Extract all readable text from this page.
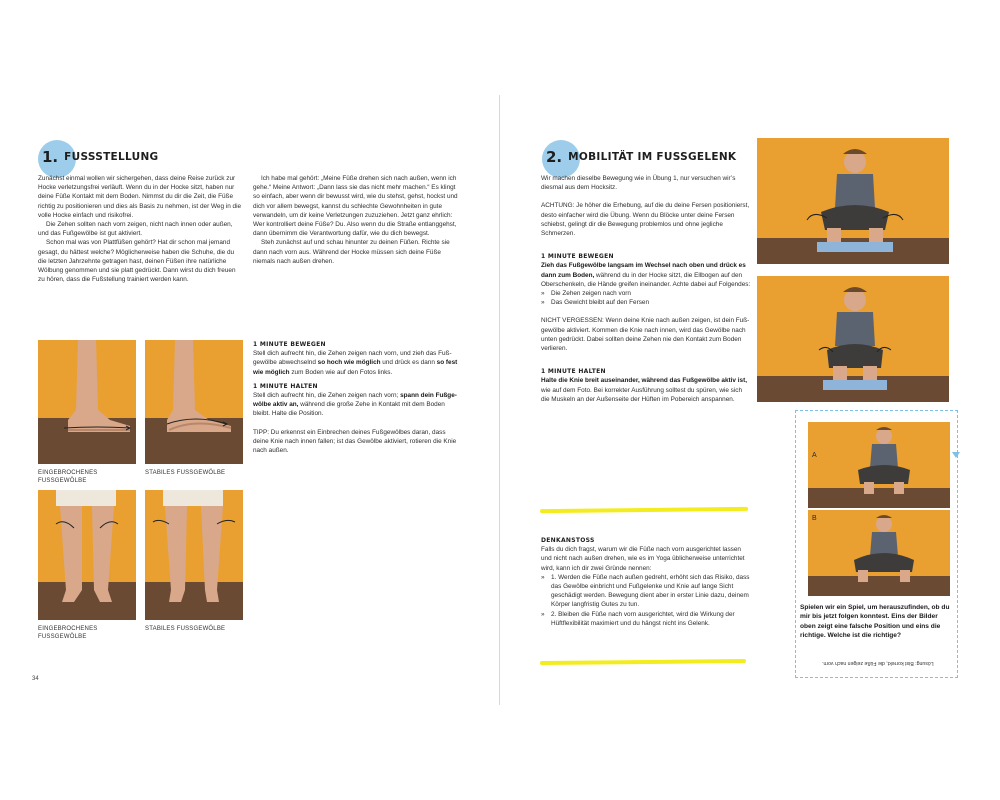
1. FUSSSTELLUNG

Zunächst einmal wollen wir sichergehen, dass deine Reise zurück zur Hocke verletzungsfrei verläuft. Wenn du in der Hocke sitzt, haben nur deine Füße Kontakt mit dem Boden. Nimmst du dir die Zeit, die Füße richtig zu positionieren und dies als Basis zu nehmen, ist der Weg in die volle Hocke einfach und risikofrei.

Die Zehen sollten nach vorn zeigen, nicht nach innen oder außen, und das Fußgewölbe ist gut aktiviert.

Schon mal was von Plattfüßen gehört? Hat dir schon mal jemand gesagt, du hättest welche? Möglicherweise haben die Schuhe, die du die letzten Jahrzehnte getragen hast, deinen Füßen ihre natürliche Wölbung genommen und sie platt gedrückt. Dann wirst du dich freuen zu hören, dass die Fußstellung trainiert werden kann.

Ich habe mal gehört: „Meine Füße drehen sich nach außen, wenn ich gehe.“ Meine Antwort: „Dann lass sie das nicht mehr machen.“ Es klingt so einfach, aber wenn dir bewusst wird, wie du stehst, gehst, hockst und dich vor allem bewegst, kannst du schlechte Gewohnheiten in gute verwandeln, um dir keine Verletzungen zuzuziehen. Jetzt ganz ehrlich: Wer kontrolliert deine Füße? Du. Also wenn du die Straße entlanggehst, dann übernimm die Verantwortung dafür, wie du dich bewegst.

Steh zunächst auf und schau hinunter zu deinen Füßen. Richte sie dann nach vorn aus. Während der Hocke müssen sich deine Füße niemals nach außen drehen.

EINGEBROCHENES FUSSGEWÖLBE
STABILES FUSSGEWÖLBE
EINGEBROCHENES FUSSGEWÖLBE
STABILES FUSSGEWÖLBE
1 MINUTE BEWEGEN

Stell dich aufrecht hin, die Zehen zeigen nach vorn, und zieh das Fußgewölbe abwechselnd so hoch wie möglich und drück es dann so fest wie möglich zum Boden wie auf den Fotos links.

1 MINUTE HALTEN

Stell dich aufrecht hin, die Zehen zeigen nach vorn; spann dein Fußgewölbe aktiv an, während die große Zehe in Kontakt mit dem Boden bleibt. Halte die Position.

TIPP: Du erkennst ein Einbrechen deines Fußgewölbes daran, dass deine Knie nach innen fallen; ist das Gewölbe aktiviert, rotieren die Knie nach außen.

34
2. MOBILITÄT IM FUSSGELENK

Wir machen dieselbe Bewegung wie in Übung 1, nur versuchen wir’s diesmal aus dem Hocksitz.

ACHTUNG: Je höher die Erhebung, auf die du deine Fersen positionierst, desto einfacher wird die Übung. Wenn du Blöcke unter deine Fersen schiebst, gelingt dir die Bewegung problemlos und ohne jegliche Schmerzen.

1 MINUTE BEWEGEN

Zieh das Fußgewölbe langsam im Wechsel nach oben und drück es dann zum Boden, während du in der Hocke sitzt, die Ellbogen auf den Oberschenkeln, die Hände greifen ineinander. Achte dabei auf Folgendes:

» Die Zehen zeigen nach vorn

» Das Gewicht bleibt auf den Fersen

NICHT VERGESSEN: Wenn deine Knie nach außen zeigen, ist dein Fußgewölbe aktiviert. Kommen die Knie nach innen, wird das Gewölbe nach unten gedrückt. Dabei sollten deine Zehen nie den Kontakt zum Boden verlieren.

1 MINUTE HALTEN

Halte die Knie breit auseinander, während das Fußgewölbe aktiv ist, wie auf dem Foto. Bei korrekter Ausführung solltest du spüren, wie sich die Muskeln an der Außenseite der Hüften im Pobereich anspannen.

DENKANSTOSS

Falls du dich fragst, warum wir die Füße nach vorn ausgerichtet lassen und nicht nach außen drehen, wie es im Yoga üblicherweise unterrichtet wird, kann ich dir zwei Gründe nennen:

» 1. Werden die Füße nach außen gedreht, erhöht sich das Risiko, dass das Gewölbe einbricht und Fußgelenke und Knie auf lange Sicht geschädigt werden. Bewegung dient aber in erster Linie dazu, deinem Körper langfristig Gutes zu tun.

» 2. Bleiben die Füße nach vorn ausgerichtet, wird die Wirkung der Hüftflexibilität maximiert und du hängst nicht ins Gelenk.

A
B
Spielen wir ein Spiel, um herauszufinden, ob du mir bis jetzt folgen konntest. Eins der Bilder oben zeigt eine falsche Position und eins die richtige. Welche ist die richtige?
Lösung: Bist korrekt, die Füße zeigen nach vorn.
